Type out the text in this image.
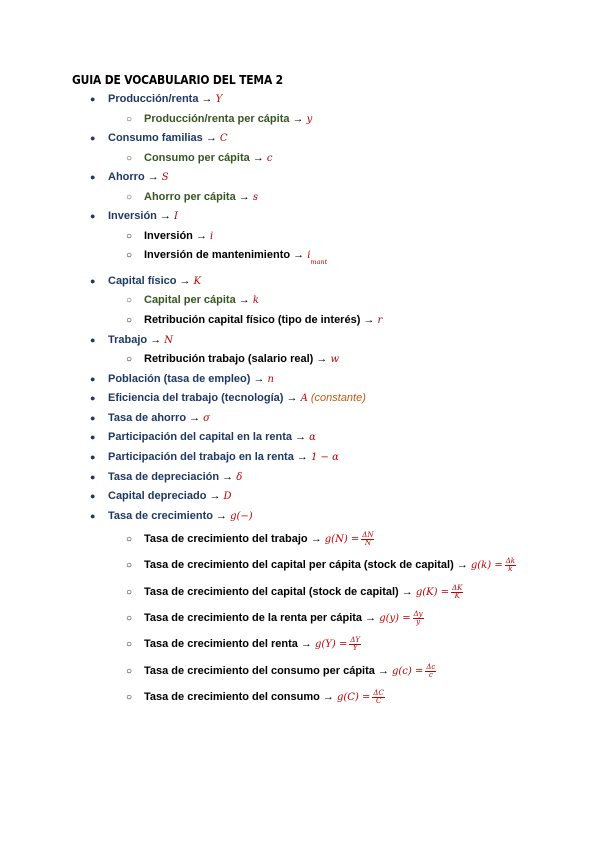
GUIA DE VOCABULARIO DEL TEMA 2
● Producción/renta → Y
○ Producción/renta per cápita → y
● Consumo familias → C
○ Consumo per cápita → c
● Ahorro → S
○ Ahorro per cápita → s
● Inversión → I
○ Inversión → i
○ Inversión de mantenimiento → $i_{mant}$
● Capital físico → K
○ Capital per cápita → k
○ Retribución capital físico (tipo de interés) → r
● Trabajo → N
○ Retribución trabajo (salario real) → w
● Población (tasa de empleo) → n
● Eficiencia del trabajo (tecnología) → A (constante)
● Tasa de ahorro → σ
● Participación del capital en la renta → α
● Participación del trabajo en la renta → 1 − α
● Tasa de depreciación → δ
● Capital depreciado → D
● Tasa de crecimiento → g(−)
○ Tasa de crecimiento del trabajo → $g(N) = \frac{\Delta N}{N}$
○ Tasa de crecimiento del capital per cápita (stock de capital) → $g(k) = \frac{\Delta k}{k}$
○ Tasa de crecimiento del capital (stock de capital) → $g(K) = \frac{\Delta K}{K}$
○ Tasa de crecimiento de la renta per cápita → $g(y) = \frac{\Delta y}{y}$
○ Tasa de crecimiento del renta → $g(Y) = \frac{\Delta Y}{Y}$
○ Tasa de crecimiento del consumo per cápita → $g(c) = \frac{\Delta c}{c}$
○ Tasa de crecimiento del consumo → $g(C) = \frac{\Delta C}{C}$
